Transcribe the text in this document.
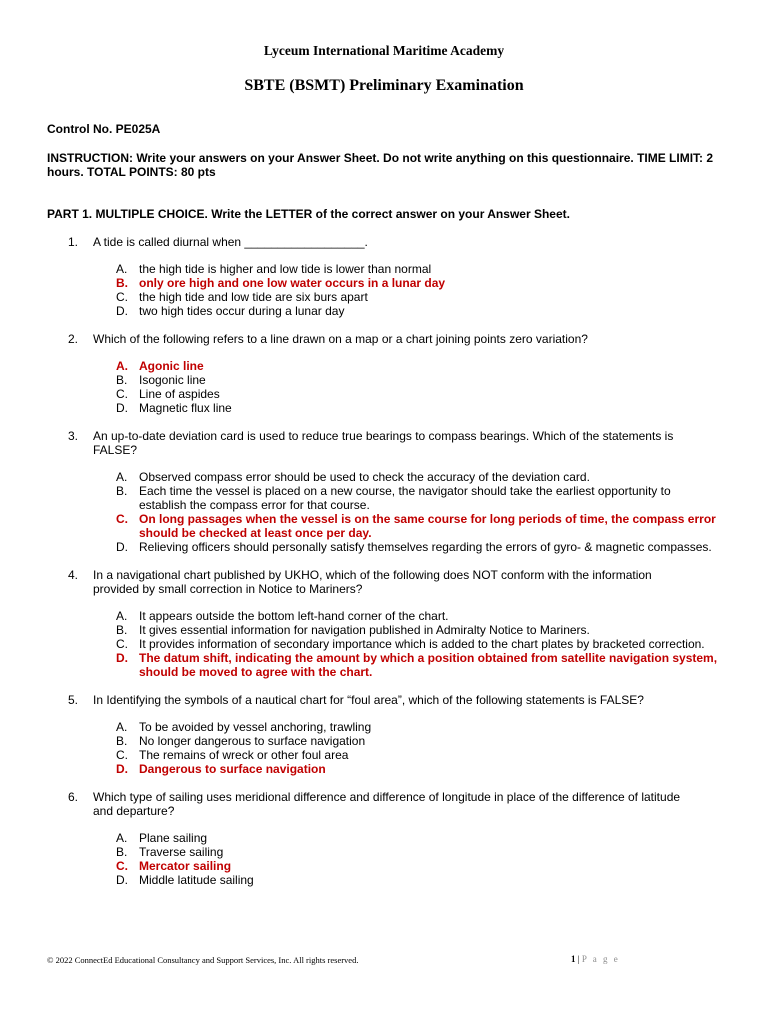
Lyceum International Maritime Academy
SBTE (BSMT) Preliminary Examination
Control No. PE025A
INSTRUCTION: Write your answers on your Answer Sheet. Do not write anything on this questionnaire. TIME LIMIT: 2 hours. TOTAL POINTS: 80 pts
PART 1. MULTIPLE CHOICE. Write the LETTER of the correct answer on your Answer Sheet.
1. A tide is called diurnal when __________________.
A. the high tide is higher and low tide is lower than normal
B. only ore high and one low water occurs in a lunar day
C. the high tide and low tide are six burs apart
D. two high tides occur during a lunar day
2. Which of the following refers to a line drawn on a map or a chart joining points zero variation?
A. Agonic line
B. Isogonic line
C. Line of aspides
D. Magnetic flux line
3. An up-to-date deviation card is used to reduce true bearings to compass bearings. Which of the statements is FALSE?
A. Observed compass error should be used to check the accuracy of the deviation card.
B. Each time the vessel is placed on a new course, the navigator should take the earliest opportunity to establish the compass error for that course.
C. On long passages when the vessel is on the same course for long periods of time, the compass error should be checked at least once per day.
D. Relieving officers should personally satisfy themselves regarding the errors of gyro- & magnetic compasses.
4. In a navigational chart published by UKHO, which of the following does NOT conform with the information provided by small correction in Notice to Mariners?
A. It appears outside the bottom left-hand corner of the chart.
B. It gives essential information for navigation published in Admiralty Notice to Mariners.
C. It provides information of secondary importance which is added to the chart plates by bracketed correction.
D. The datum shift, indicating the amount by which a position obtained from satellite navigation system, should be moved to agree with the chart.
5. In Identifying the symbols of a nautical chart for “foul area”, which of the following statements is FALSE?
A. To be avoided by vessel anchoring, trawling
B. No longer dangerous to surface navigation
C. The remains of wreck or other foul area
D. Dangerous to surface navigation
6. Which type of sailing uses meridional difference and difference of longitude in place of the difference of latitude and departure?
A. Plane sailing
B. Traverse sailing
C. Mercator sailing
D. Middle latitude sailing
© 2022 ConnectEd Educational Consultancy and Support Services, Inc. All rights reserved.	1 | P a g e
